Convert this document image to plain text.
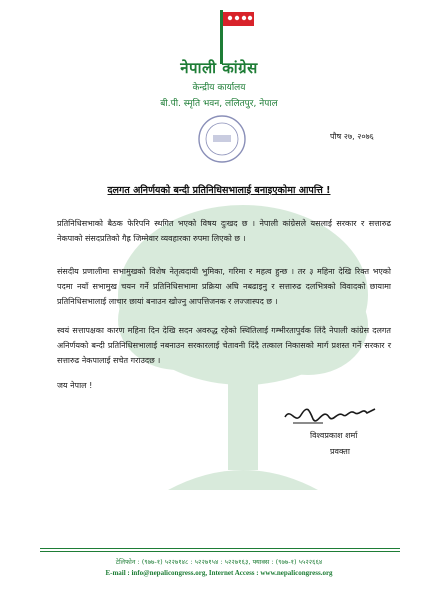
नेपाली कांग्रेस
केन्द्रीय कार्यालय
बी.पी. स्मृति भवन, ललितपुर, नेपाल
पौष २७, २०७६
दलगत अनिर्णयको बन्दी प्रतिनिधिसभालाई बनाइएकोमा आपत्ति !

प्रतिनिधिसभाको बैठक फेरिपनि स्थगित भएको विषय दुःखद छ । नेपाली कांग्रेसले यसलाई सरकार र सत्तारुढ नेकपाको संसदप्रतिको गैह्र जिम्मेवार व्यवहारका रुपमा लिएको छ ।

संसदीय प्रणालीमा सभामुखको विशेष नेतृत्वदायी भुमिका, गरिमा र महत्व हुन्छ । तर ३ महिना देखि रिक्त भएको पदमा नयाँ सभामुख चयन गर्ने प्रतिनिधिसभामा प्रक्रिया अघि नबढाइनु र सत्तारुढ दलभित्रको विवादको छायामा प्रतिनिधिसभालाई लाचार छायां बनाउन खोज्नु आपत्तिजनक र लज्जास्पद छ ।

स्वयं सत्तापक्षका कारण महिना दिन देखि सदन अवरुद्ध रहेको स्थितिलाई गम्भीरतापुर्वक लिंदै नेपाली कांग्रेस दलगत अनिर्णयको बन्दी प्रतिनिधिसभालाई नबनाउन सरकारलाई चेतावनी दिंदै तत्काल निकासको मार्ग प्रशस्त गर्ने सरकार र सत्तारुढ नेकपालाई सचेत गराउदछ ।

जय नेपाल !
विश्वप्रकाश शर्मा
प्रवक्ता
टेलिफोन : (९७७-१) ५२२७१४८ : ५२२७१५४ : ५२२७१६३, फ्याक्स : (९७७-१) ५५२२६६४
E-mail : info@nepalicongress.org, Internet Access : www.nepalicongress.org
